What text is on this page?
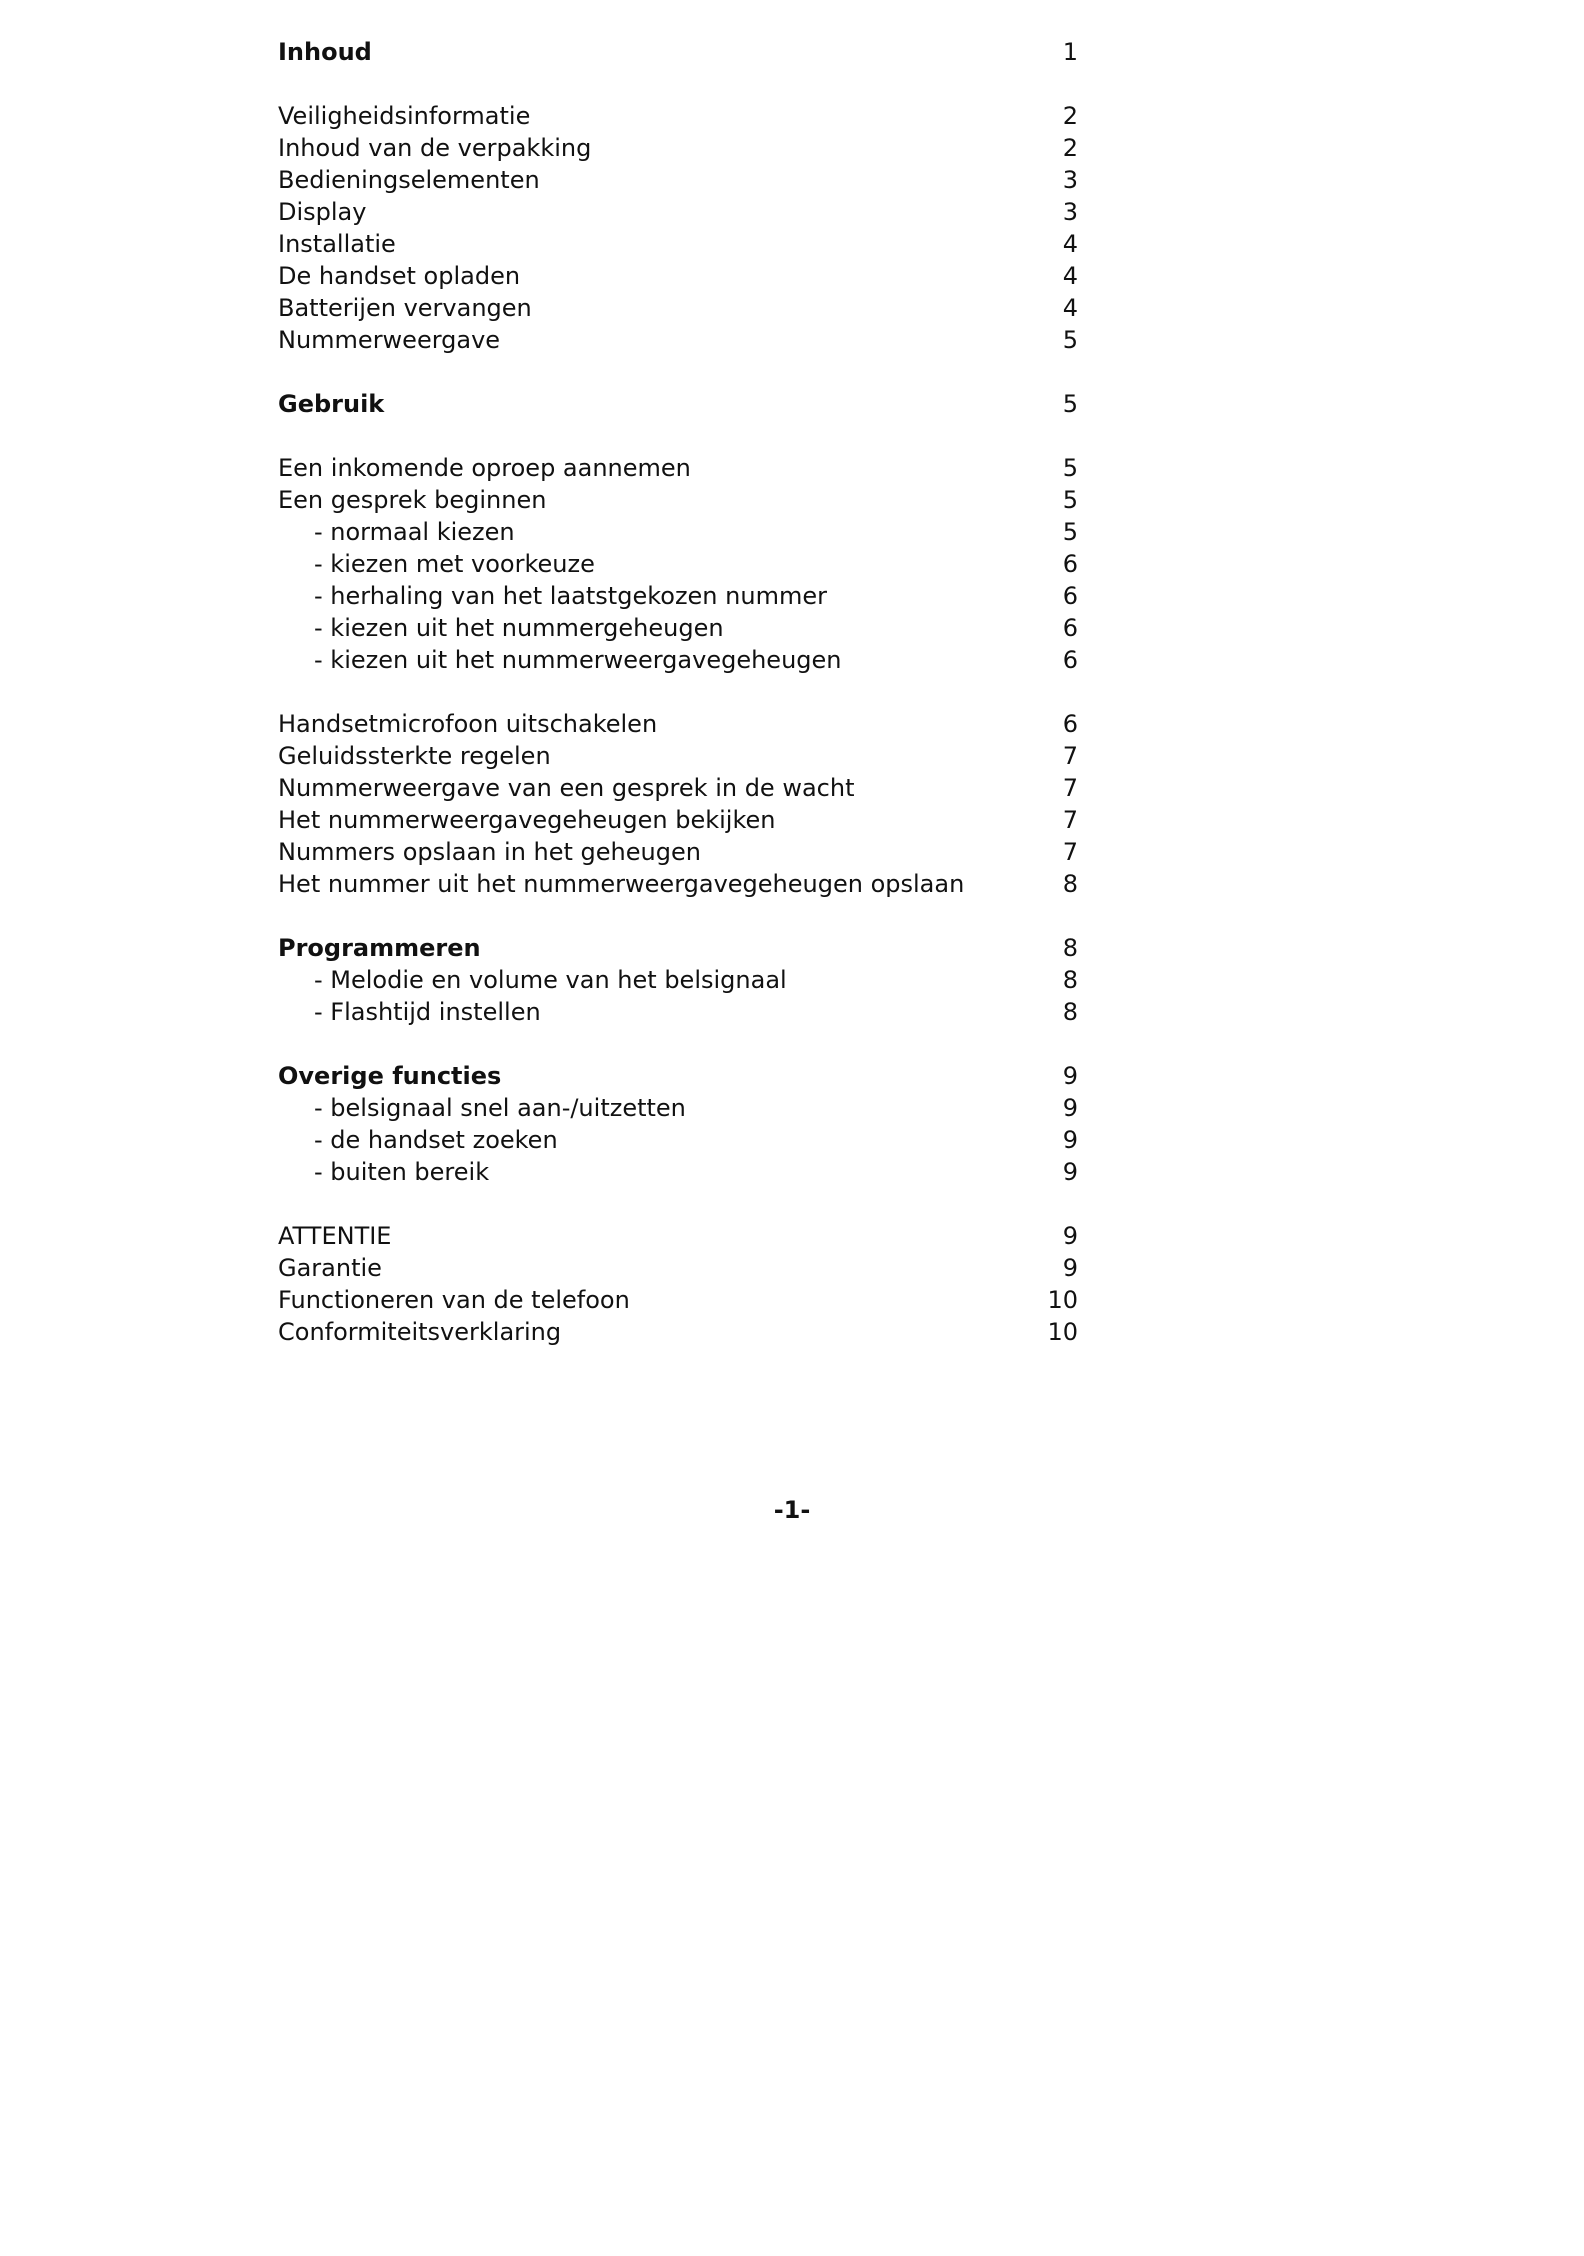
Inhoud	1
Veiligheidsinformatie	2
Inhoud van de verpakking	2
Bedieningselementen	3
Display	3
Installatie	4
De handset opladen	4
Batterijen vervangen	4
Nummerweergave	5
Gebruik	5
Een inkomende oproep aannemen	5
Een gesprek beginnen	5
- normaal kiezen	5
- kiezen met voorkeuze	6
- herhaling van het laatstgekozen nummer	6
- kiezen uit het nummergeheugen	6
- kiezen uit het nummerweergavegeheugen	6
Handsetmicrofoon uitschakelen	6
Geluidssterkte regelen	7
Nummerweergave van een gesprek in de wacht	7
Het nummerweergavegeheugen bekijken	7
Nummers opslaan in het geheugen	7
Het nummer uit het nummerweergavegeheugen opslaan	8
Programmeren	8
- Melodie en volume van het belsignaal	8
- Flashtijd instellen	8
Overige functies	9
- belsignaal snel aan-/uitzetten	9
- de handset zoeken	9
- buiten bereik	9
ATTENTIE	9
Garantie	9
Functioneren van de telefoon	10
Conformiteitsverklaring	10
-1-
